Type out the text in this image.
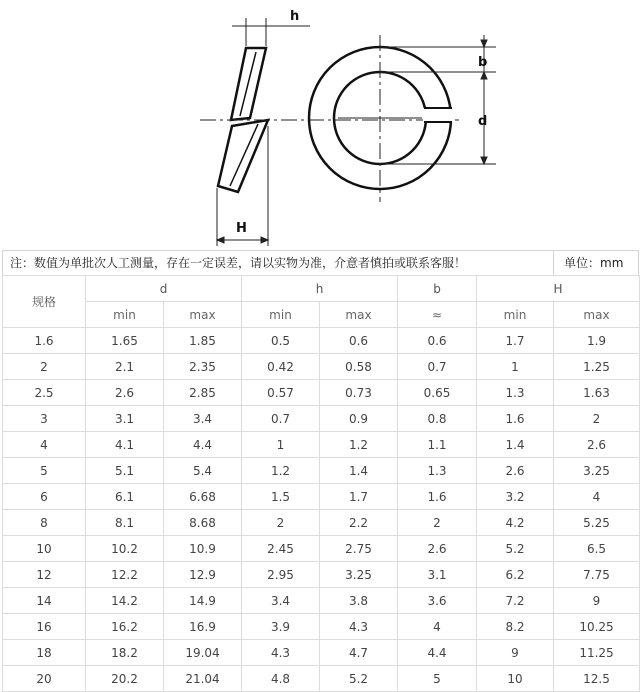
h
H
b
d
注：数值为单批次人工测量，存在一定误差，请以实物为准，介意者慎拍或联系客服！	单位：mm
规格	d		h		b	H	
	min	max	min	max	≈	min	max
1.6	1.65	1.85	0.5	0.6	0.6	1.7	1.9
2	2.1	2.35	0.42	0.58	0.7	1	1.25
2.5	2.6	2.85	0.57	0.73	0.65	1.3	1.63
3	3.1	3.4	0.7	0.9	0.8	1.6	2
4	4.1	4.4	1	1.2	1.1	1.4	2.6
5	5.1	5.4	1.2	1.4	1.3	2.6	3.25
6	6.1	6.68	1.5	1.7	1.6	3.2	4
8	8.1	8.68	2	2.2	2	4.2	5.25
10	10.2	10.9	2.45	2.75	2.6	5.2	6.5
12	12.2	12.9	2.95	3.25	3.1	6.2	7.75
14	14.2	14.9	3.4	3.8	3.6	7.2	9
16	16.2	16.9	3.9	4.3	4	8.2	10.25
18	18.2	19.04	4.3	4.7	4.4	9	11.25
20	20.2	21.04	4.8	5.2	5	10	12.5
